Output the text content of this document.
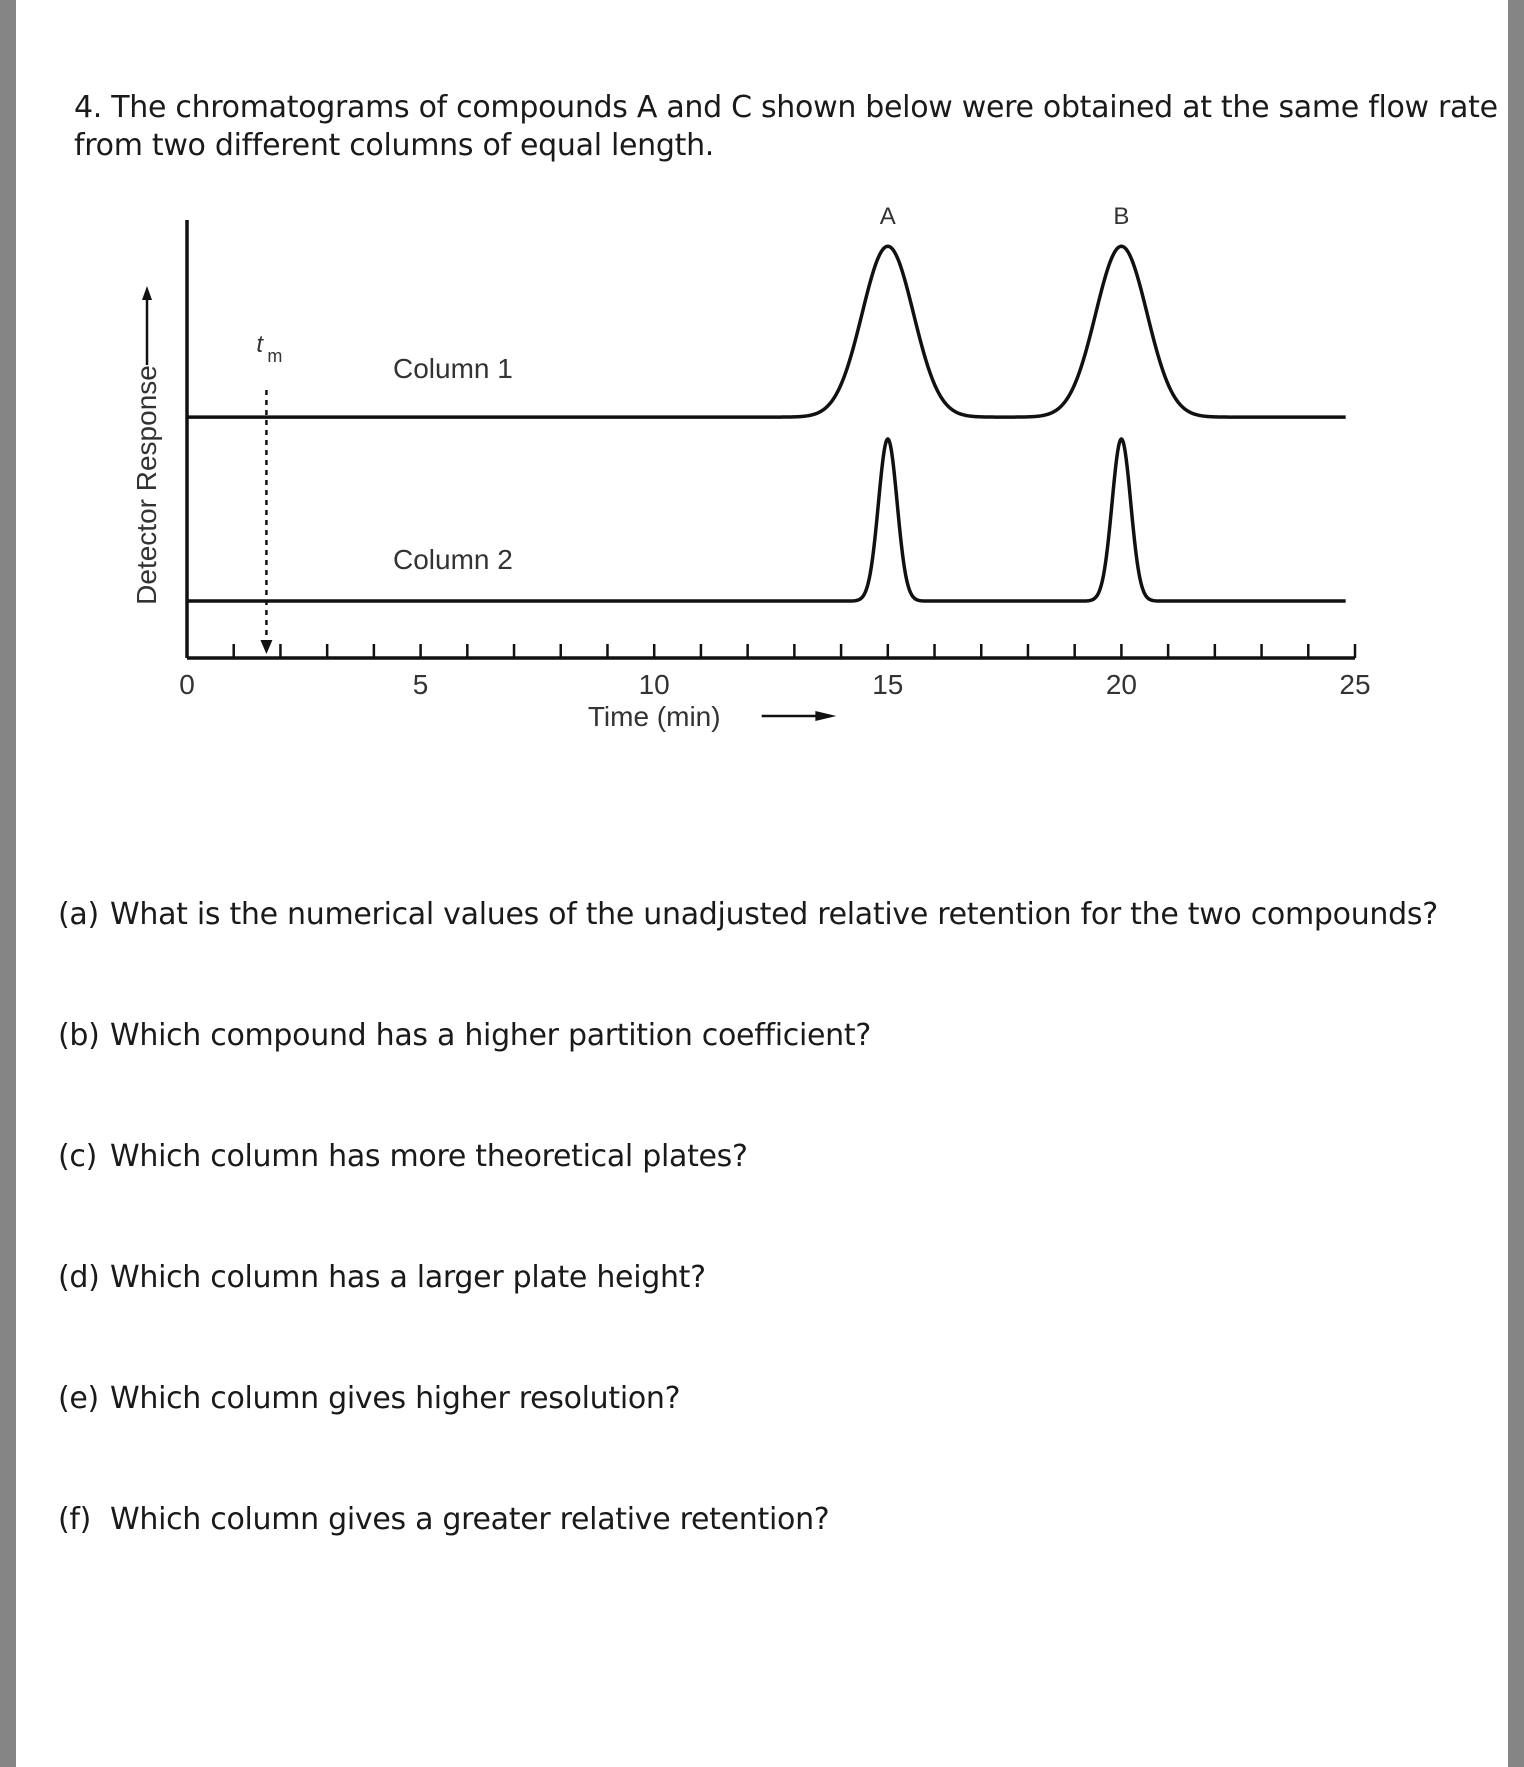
4. The chromatograms of compounds A and C shown below were obtained at the same flow rate

from two different columns of equal length.

0	5	10	15	20	25
Time (min)
Detector Response
t m	Column 1
Column 2
A	B

(a) What is the numerical values of the unadjusted relative retention for the two compounds?

(b) Which compound has a higher partition coefficient?

(c) Which column has more theoretical plates?

(d) Which column has a larger plate height?

(e) Which column gives higher resolution?

(f) Which column gives a greater relative retention?
